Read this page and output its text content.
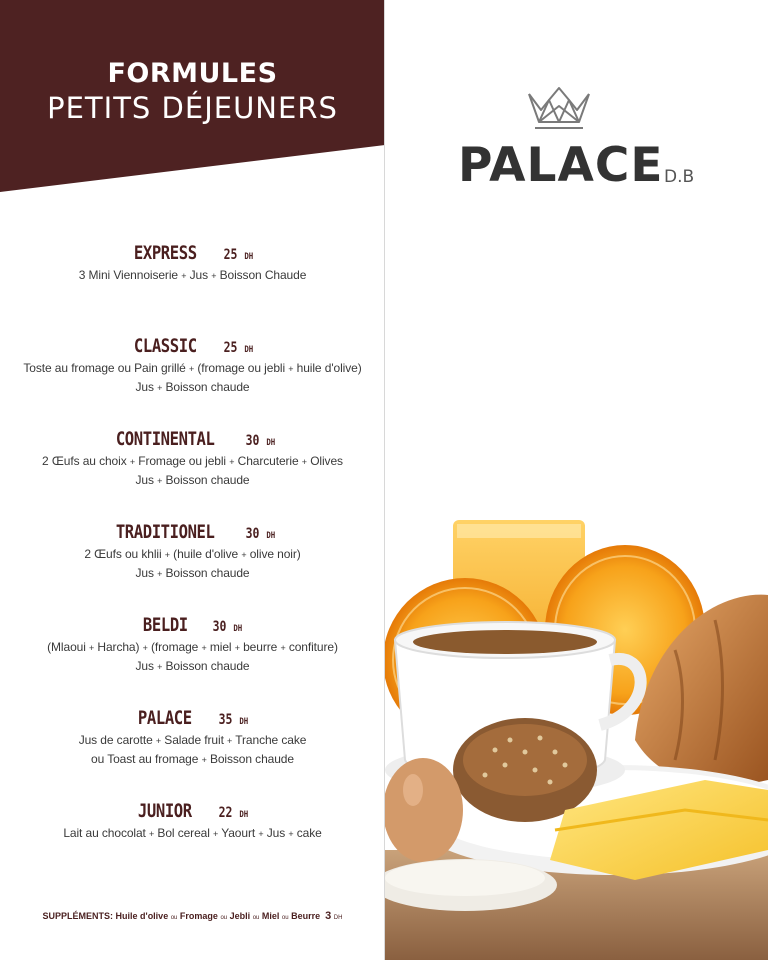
FORMULES
PETITS DÉJEUNERS
EXPRESS 25 DH
3 Mini Viennoiserie + Jus + Boisson Chaude
CLASSIC 25 DH
Toste au fromage ou Pain grillé + (fromage ou jebli + huile d'olive)
Jus + Boisson chaude
CONTINENTAL 30 DH
2 Œufs au choix + Fromage ou jebli + Charcuterie + Olives
Jus + Boisson chaude
TRADITIONEL 30 DH
2 Œufs ou khlii + (huile d'olive + olive noir)
Jus + Boisson chaude
BELDI 30 DH
(Mlaoui + Harcha) + (fromage + miel + beurre + confiture)
Jus + Boisson chaude
PALACE 35 DH
Jus de carotte + Salade fruit + Tranche cake
ou Toast au fromage + Boisson chaude
JUNIOR 22 DH
Lait au chocolat + Bol cereal + Yaourt + Jus + cake
SUPPLÉMENTS: Huile d'olive ou Fromage ou Jebli ou Miel ou Beurre 3 DH
PALACE D.B
